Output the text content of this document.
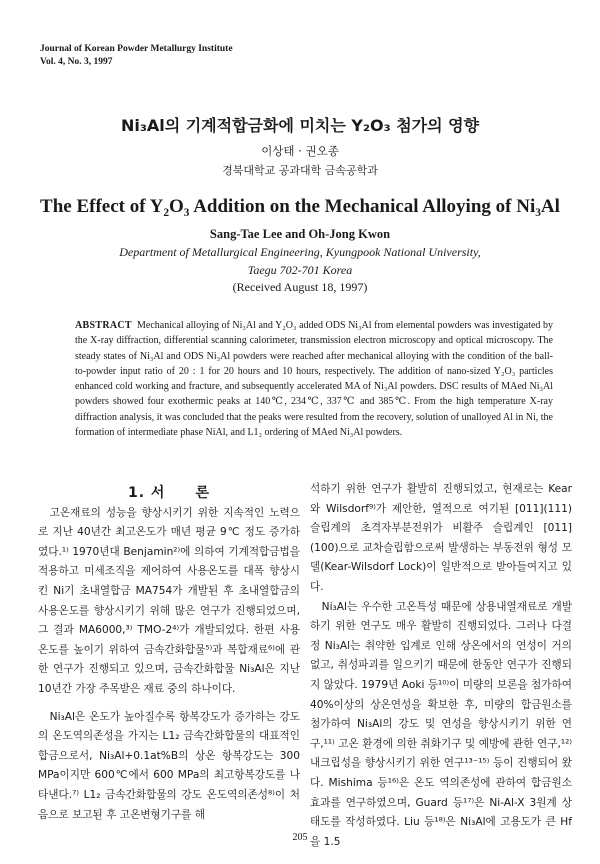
Journal of Korean Powder Metallurgy Institute
Vol. 4, No. 3, 1997
Ni₃Al의 기계적합금화에 미치는 Y₂O₃ 첨가의 영향
이상태 · 권오종
경북대학교 공과대학 금속공학과
The Effect of Y₂O₃ Addition on the Mechanical Alloying of Ni₃Al
Sang-Tae Lee and Oh-Jong Kwon
Department of Metallurgical Engineering, Kyungpook National University,
Taegu 702-701 Korea
(Received August 18, 1997)
ABSTRACT Mechanical alloying of Ni₃Al and Y₂O₃ added ODS Ni₃Al from elemental powders was investigated by the X-ray diffraction, differential scanning calorimeter, transmission electron microscopy and optical microscopy. The steady states of Ni₃Al and ODS Ni₃Al powders were reached after mechanical alloying with the condition of the ball-to-powder input ratio of 20 : 1 for 20 hours and 10 hours, respectively. The addition of nano-sized Y₂O₃ particles enhanced cold working and fracture, and subsequently accelerated MA of Ni₃Al powders. DSC results of MAed Ni₃Al powders showed four exothermic peaks at 140℃, 234℃, 337℃ and 385℃. From the high temperature X-ray diffraction analysis, it was concluded that the peaks were resulted from the recovery, solution of unalloyed Al in Ni, the formation of intermediate phase NiAl, and L1₂ ordering of MAed Ni₃Al powders.

1. 서　　론

고온재료의 성능을 향상시키기 위한 지속적인 노력으로 지난 40년간 최고온도가 매년 평균 9℃ 정도 증가하였다.¹⁾ 1970년대 Benjamin²⁾에 의하여 기계적합금법을 적용하고 미세조직을 제어하여 사용온도를 대폭 향상시킨 Ni기 초내열합금 MA754가 개발된 후 초내열합금의 사용온도를 향상시키기 위해 많은 연구가 진행되었으며, 그 결과 MA6000,³⁾ TMO-2⁴⁾가 개발되었다. 한편 사용온도를 높이기 위하여 금속간화합물⁵⁾과 복합재료⁶⁾에 관한 연구가 진행되고 있으며, 금속간화합물 Ni₃Al은 지난 10년간 가장 주목받은 재료 중의 하나이다.

Ni₃Al은 온도가 높아질수록 항복강도가 증가하는 강도의 온도역의존성을 가지는 L1₂ 금속간화합물의 대표적인 합금으로서, Ni₃Al+0.1at%B의 상온 항복강도는 300 MPa이지만 600℃에서 600 MPa의 최고항복강도를 나타낸다.⁷⁾ L1₂ 금속간화합물의 강도 온도역의존성⁸⁾이 처음으로 보고된 후 고온변형기구를 해

석하기 위한 연구가 활발히 진행되었고, 현재로는 Kear와 Wilsdorf⁹⁾가 제안한, 열적으로 여기된 [011](111) 슬립계의 초격자부분전위가 비활주 슬립계인 [011](100)으로 교차슬립함으로써 발생하는 부동전위 형성 모델(Kear-Wilsdorf Lock)이 일반적으로 받아들여지고 있다.

Ni₃Al는 우수한 고온특성 때문에 상용내열재료로 개발하기 위한 연구도 매우 활발히 진행되었다. 그러나 다결정 Ni₃Al는 취약한 입계로 인해 상온에서의 연성이 거의 없고, 취성파괴를 일으키기 때문에 한동안 연구가 진행되지 않았다. 1979년 Aoki 등¹⁰⁾이 미량의 보론을 첨가하여 40%이상의 상온연성을 확보한 후, 미량의 합금원소를 첨가하여 Ni₃Al의 강도 및 연성을 향상시키기 위한 연구,¹¹⁾ 고온 환경에 의한 취화기구 및 예방에 관한 연구,¹²⁾ 내크립성을 향상시키기 위한 연구¹³⁻¹⁵⁾ 등이 진행되어 왔다. Mishima 등¹⁶⁾은 온도 역의존성에 관하여 합금원소 효과를 연구하였으며, Guard 등¹⁷⁾은 Ni-Al-X 3원계 상태도를 작성하였다. Liu 등¹⁸⁾은 Ni₃Al에 고용도가 큰 Hf을 1.5

205
